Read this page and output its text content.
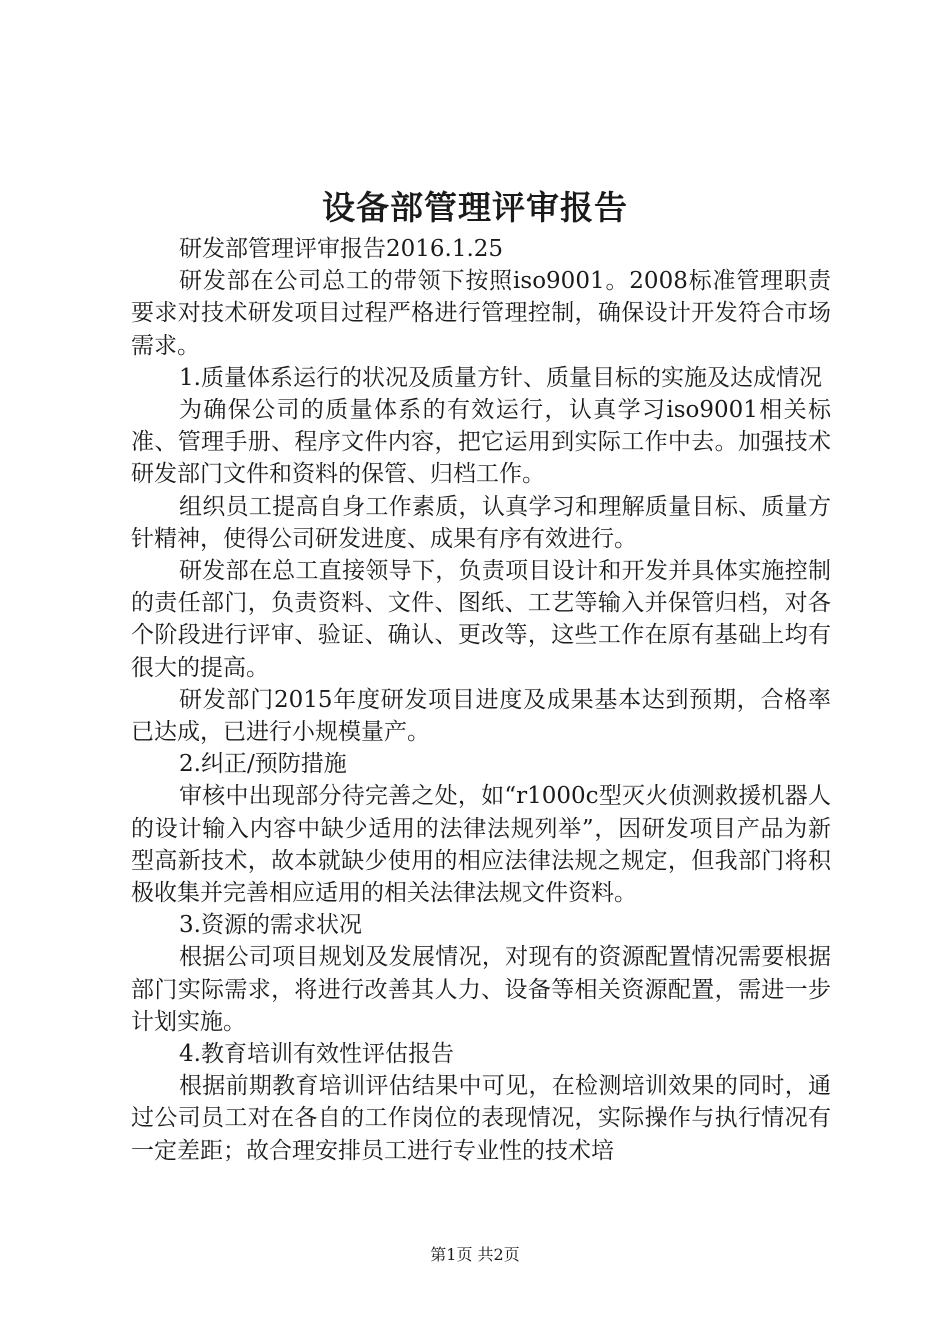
设备部管理评审报告

研发部管理评审报告2016.1.25

研发部在公司总工的带领下按照iso9001。2008标准管理职责要求对技术研发项目过程严格进行管理控制，确保设计开发符合市场需求。

1.质量体系运行的状况及质量方针、质量目标的实施及达成情况

为确保公司的质量体系的有效运行，认真学习iso9001相关标准、管理手册、程序文件内容，把它运用到实际工作中去。加强技术研发部门文件和资料的保管、归档工作。

组织员工提高自身工作素质，认真学习和理解质量目标、质量方针精神，使得公司研发进度、成果有序有效进行。

研发部在总工直接领导下，负责项目设计和开发并具体实施控制的责任部门，负责资料、文件、图纸、工艺等输入并保管归档，对各个阶段进行评审、验证、确认、更改等，这些工作在原有基础上均有很大的提高。

研发部门2015年度研发项目进度及成果基本达到预期，合格率已达成，已进行小规模量产。

2.纠正/预防措施

审核中出现部分待完善之处，如“r1000c型灭火侦测救援机器人的设计输入内容中缺少适用的法律法规列举”，因研发项目产品为新型高新技术，故本就缺少使用的相应法律法规之规定，但我部门将积极收集并完善相应适用的相关法律法规文件资料。

3.资源的需求状况

根据公司项目规划及发展情况，对现有的资源配置情况需要根据部门实际需求，将进行改善其人力、设备等相关资源配置，需进一步计划实施。

4.教育培训有效性评估报告

根据前期教育培训评估结果中可见，在检测培训效果的同时，通过公司员工对在各自的工作岗位的表现情况，实际操作与执行情况有一定差距；故合理安排员工进行专业性的技术培

第1页 共2页
